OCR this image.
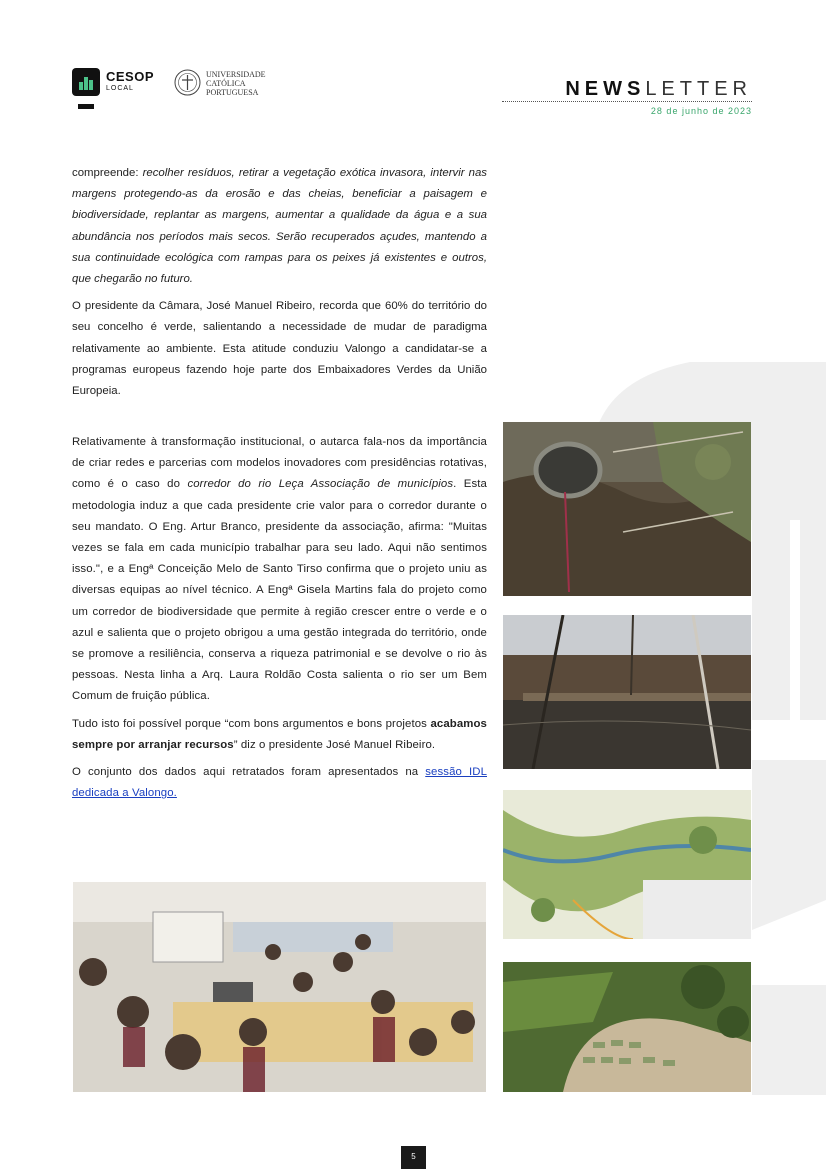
CESOP
LOCAL
UNIVERSIDADE
CATÓLICA
PORTUGUESA	NEWSLETTER
28 de junho de 2023

compreende: recolher resíduos, retirar a vegetação exótica invasora, intervir nas margens protegendo-as da erosão e das cheias, beneficiar a paisagem e biodiversidade, replantar as margens, aumentar a qualidade da água e a sua abundância nos períodos mais secos. Serão recuperados açudes, mantendo a sua continuidade ecológica com rampas para os peixes já existentes e outros, que chegarão no futuro.

O presidente da Câmara, José Manuel Ribeiro, recorda que 60% do território do seu concelho é verde, salientando a necessidade de mudar de paradigma relativamente ao ambiente. Esta atitude conduziu Valongo a candidatar-se a programas europeus fazendo hoje parte dos Embaixadores Verdes da União Europeia.

Relativamente à transformação institucional, o autarca fala-nos da importância de criar redes e parcerias com modelos inovadores com presidências rotativas, como é o caso do corredor do rio Leça Associação de municípios. Esta metodologia induz a que cada presidente crie valor para o corredor durante o seu mandato. O Eng. Artur Branco, presidente da associação, afirma: "Muitas vezes se fala em cada município trabalhar para seu lado. Aqui não sentimos isso.", e a Engª Conceição Melo de Santo Tirso confirma que o projeto uniu as diversas equipas ao nível técnico. A Engª Gisela Martins fala do projeto como um corredor de biodiversidade que permite à região crescer entre o verde e o azul e salienta que o projeto obrigou a uma gestão integrada do território, onde se promove a resiliência, conserva a riqueza patrimonial e se devolve o rio às pessoas. Nesta linha a Arq. Laura Roldão Costa salienta o rio ser um Bem Comum de fruição pública.

Tudo isto foi possível porque “com bons argumentos e bons projetos acabamos sempre por arranjar recursos” diz o presidente José Manuel Ribeiro.

O conjunto dos dados aqui retratados foram apresentados na sessão IDL dedicada a Valongo.

5
